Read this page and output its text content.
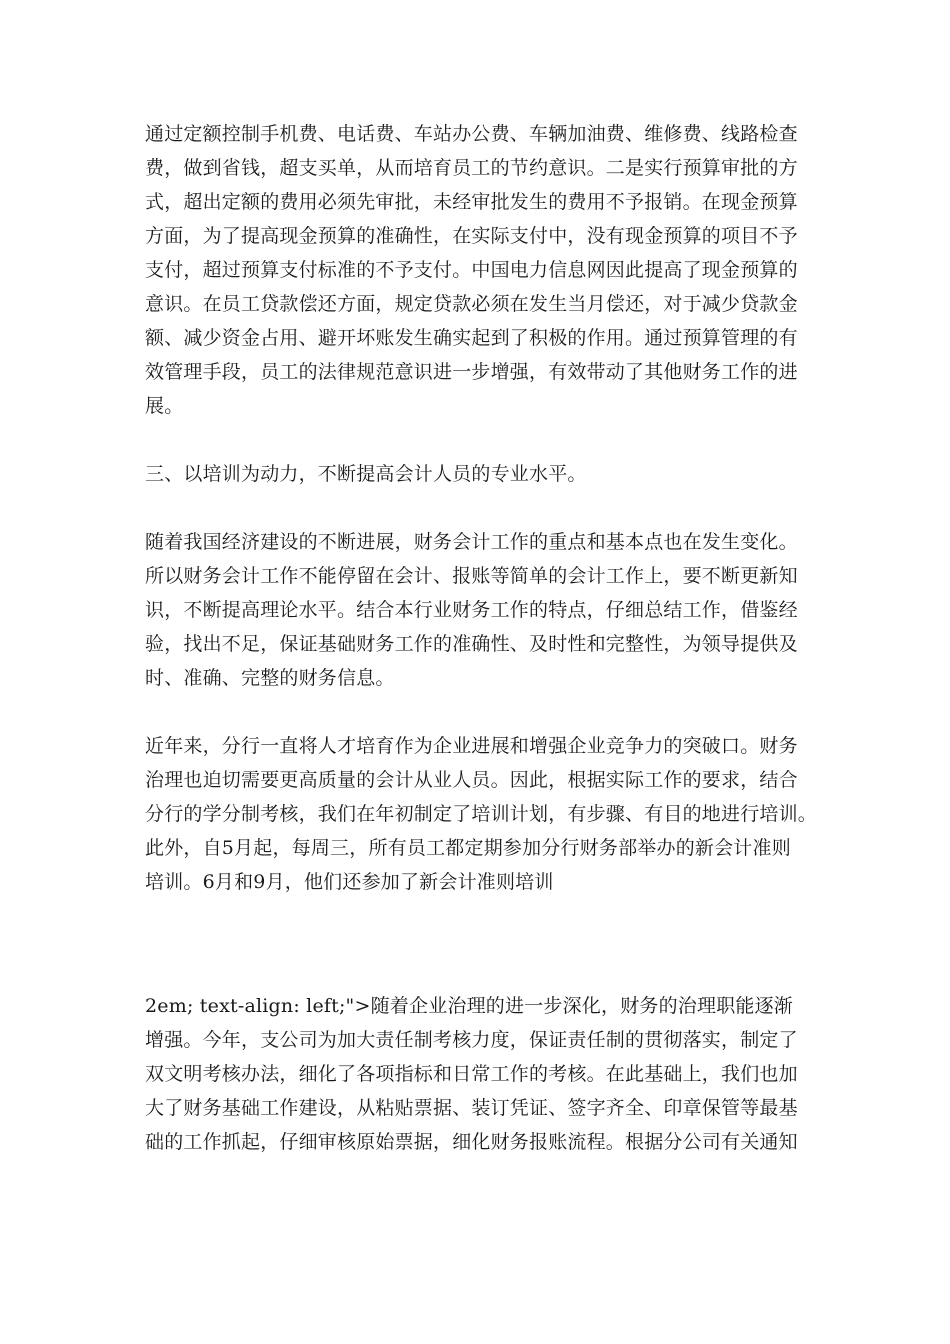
通过定额控制手机费、电话费、车站办公费、车辆加油费、维修费、线路检查
费，做到省钱，超支买单，从而培育员工的节约意识。二是实行预算审批的方
式，超出定额的费用必须先审批，未经审批发生的费用不予报销。在现金预算
方面，为了提高现金预算的准确性，在实际支付中，没有现金预算的项目不予
支付，超过预算支付标准的不予支付。中国电力信息网因此提高了现金预算的
意识。在员工贷款偿还方面，规定贷款必须在发生当月偿还，对于减少贷款金
额、减少资金占用、避开坏账发生确实起到了积极的作用。通过预算管理的有
效管理手段，员工的法律规范意识进一步增强，有效带动了其他财务工作的进
展。
三、以培训为动力，不断提高会计人员的专业水平。
随着我国经济建设的不断进展，财务会计工作的重点和基本点也在发生变化。
所以财务会计工作不能停留在会计、报账等简单的会计工作上，要不断更新知
识，不断提高理论水平。结合本行业财务工作的特点，仔细总结工作，借鉴经
验，找出不足，保证基础财务工作的准确性、及时性和完整性，为领导提供及
时、准确、完整的财务信息。
近年来，分行一直将人才培育作为企业进展和增强企业竞争力的突破口。财务
治理也迫切需要更高质量的会计从业人员。因此，根据实际工作的要求，结合
分行的学分制考核，我们在年初制定了培训计划，有步骤、有目的地进行培训。
此外，自5月起，每周三，所有员工都定期参加分行财务部举办的新会计准则
培训。6月和9月，他们还参加了新会计准则培训
2em; text-align: left;">随着企业治理的进一步深化，财务的治理职能逐渐
增强。今年，支公司为加大责任制考核力度，保证责任制的贯彻落实，制定了
双文明考核办法，细化了各项指标和日常工作的考核。在此基础上，我们也加
大了财务基础工作建设，从粘贴票据、装订凭证、签字齐全、印章保管等最基
础的工作抓起，仔细审核原始票据，细化财务报账流程。根据分公司有关通知
